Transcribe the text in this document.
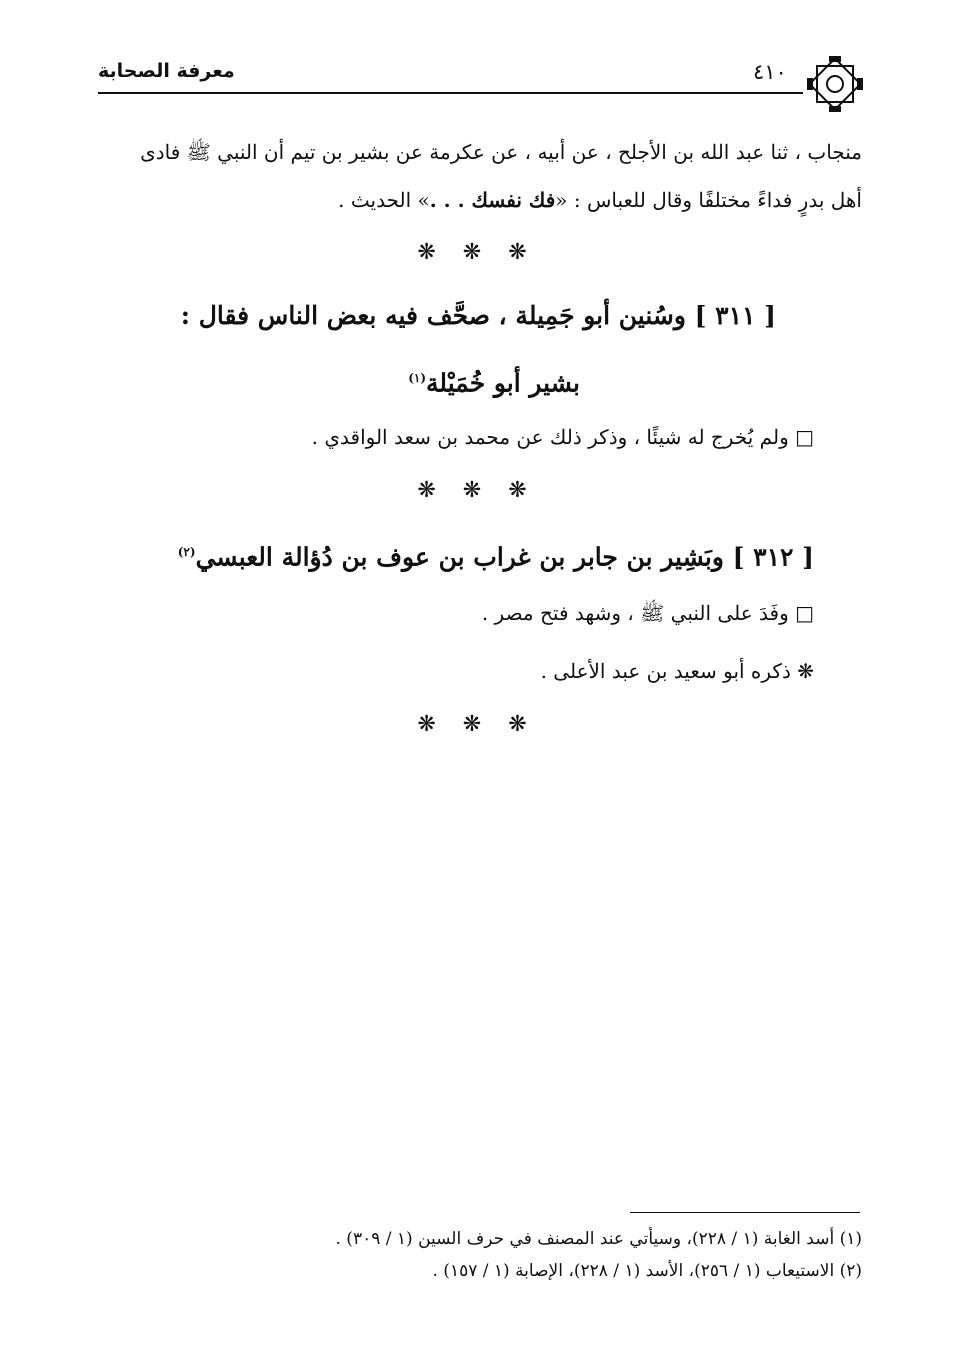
معرفة الصحابة	٤١٠
منجاب ، ثنا عبد الله بن الأجلح ، عن أبيه ، عن عكرمة عن بشير بن تيم أن النبي ﷺ فادى
أهل بدرٍ فداءً مختلفًا وقال للعباس : «فك نفسك . . .» الحديث .
❋ ❋ ❋
[ ٣١١ ] وسُنين أبو جَمِيلة ، صحَّف فيه بعض الناس فقال :
بشير أبو خُمَيْلة$^{(١)}$
□ ولم يُخرج له شيئًا ، وذكر ذلك عن محمد بن سعد الواقدي .
❋ ❋ ❋
[ ٣١٢ ] وبَشِير بن جابر بن غراب بن عوف بن دُؤالة العبسي$^{(٢)}$
□ وفَدَ على النبي ﷺ ، وشهد فتح مصر .
❋ ذكره أبو سعيد بن عبد الأعلى .
❋ ❋ ❋
(١) أسد الغابة (١ / ٢٢٨)، وسيأتي عند المصنف في حرف السين (١ / ٣٠٩) .
(٢) الاستيعاب (١ / ٢٥٦)، الأسد (١ / ٢٢٨)، الإصابة (١ / ١٥٧) .
